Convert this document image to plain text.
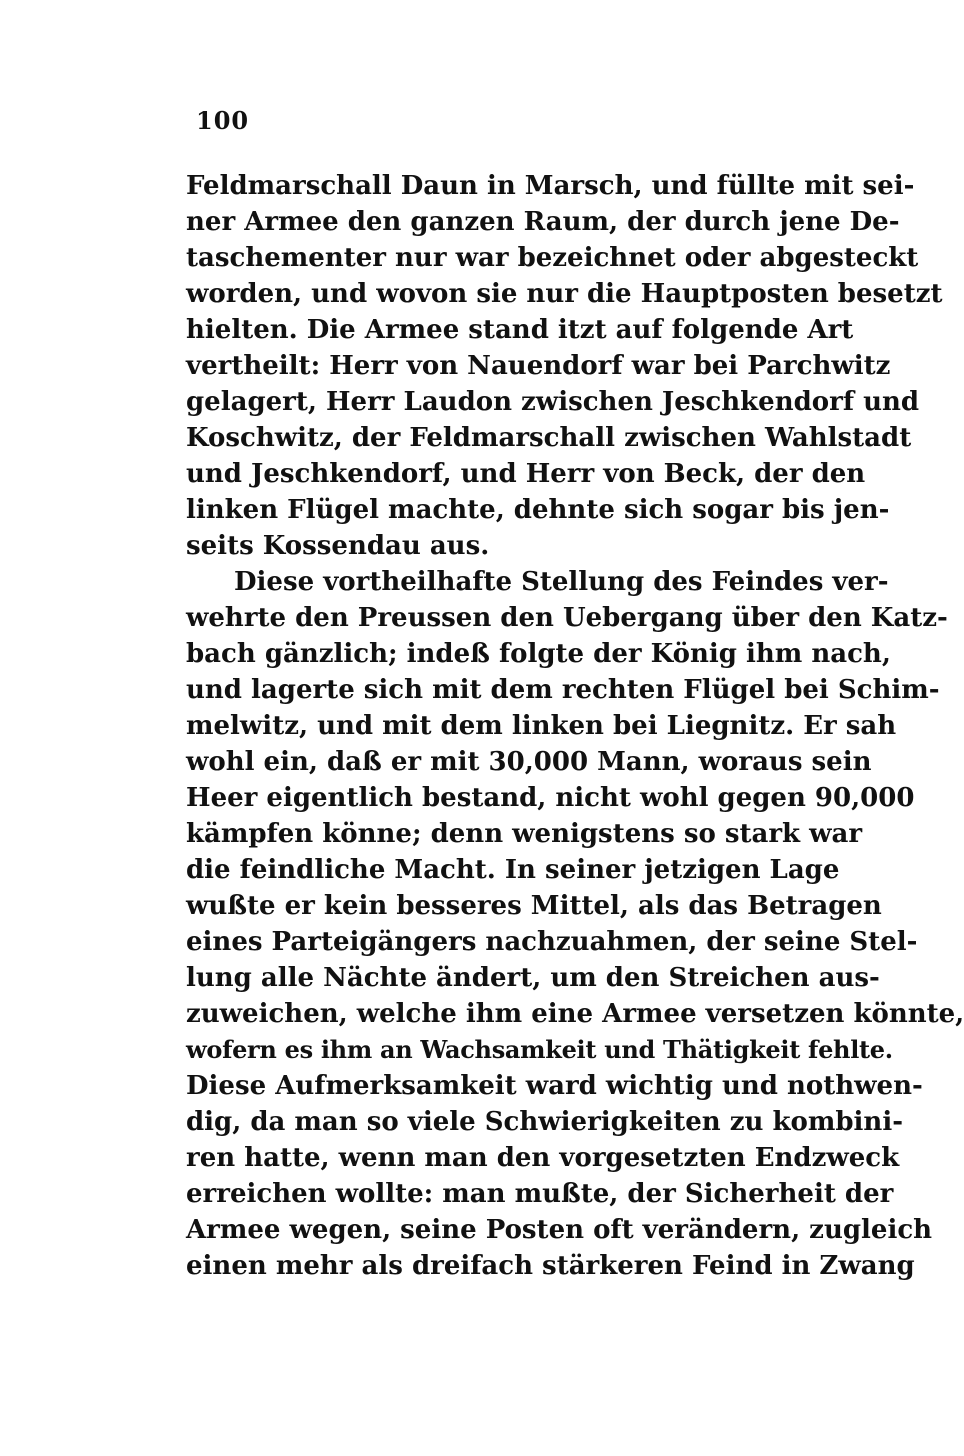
100
Feldmarschall Daun in Marsch, und füllte mit sei-
ner Armee den ganzen Raum, der durch jene De-
taschementer nur war bezeichnet oder abgesteckt
worden, und wovon sie nur die Hauptposten besetzt
hielten. Die Armee stand itzt auf folgende Art
vertheilt: Herr von Nauendorf war bei Parchwitz
gelagert, Herr Laudon zwischen Jeschkendorf und
Koschwitz, der Feldmarschall zwischen Wahlstadt
und Jeschkendorf, und Herr von Beck, der den
linken Flügel machte, dehnte sich sogar bis jen-
seits Kossendau aus.
Diese vortheilhafte Stellung des Feindes ver-
wehrte den Preussen den Uebergang über den Katz-
bach gänzlich; indeß folgte der König ihm nach,
und lagerte sich mit dem rechten Flügel bei Schim-
melwitz, und mit dem linken bei Liegnitz. Er sah
wohl ein, daß er mit 30,000 Mann, woraus sein
Heer eigentlich bestand, nicht wohl gegen 90,000
kämpfen könne; denn wenigstens so stark war
die feindliche Macht. In seiner jetzigen Lage
wußte er kein besseres Mittel, als das Betragen
eines Parteigängers nachzuahmen, der seine Stel-
lung alle Nächte ändert, um den Streichen aus-
zuweichen, welche ihm eine Armee versetzen könnte,
wofern es ihm an Wachsamkeit und Thätigkeit fehlte.
Diese Aufmerksamkeit ward wichtig und nothwen-
dig, da man so viele Schwierigkeiten zu kombini-
ren hatte, wenn man den vorgesetzten Endzweck
erreichen wollte: man mußte, der Sicherheit der
Armee wegen, seine Posten oft verändern, zugleich
einen mehr als dreifach stärkeren Feind in Zwang
